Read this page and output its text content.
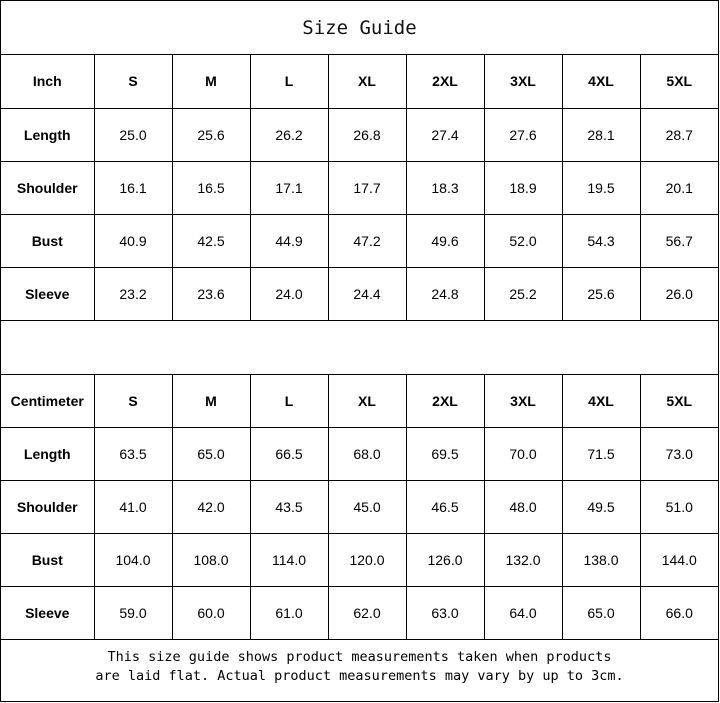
Size Guide
Inch	S	M	L	XL	2XL	3XL	4XL	5XL
Length	25.0	25.6	26.2	26.8	27.4	27.6	28.1	28.7
Shoulder	16.1	16.5	17.1	17.7	18.3	18.9	19.5	20.1
Bust	40.9	42.5	44.9	47.2	49.6	52.0	54.3	56.7
Sleeve	23.2	23.6	24.0	24.4	24.8	25.2	25.6	26.0
Centimeter	S	M	L	XL	2XL	3XL	4XL	5XL
Length	63.5	65.0	66.5	68.0	69.5	70.0	71.5	73.0
Shoulder	41.0	42.0	43.5	45.0	46.5	48.0	49.5	51.0
Bust	104.0	108.0	114.0	120.0	126.0	132.0	138.0	144.0
Sleeve	59.0	60.0	61.0	62.0	63.0	64.0	65.0	66.0
This size guide shows product measurements taken when products
are laid flat. Actual product measurements may vary by up to 3cm.
